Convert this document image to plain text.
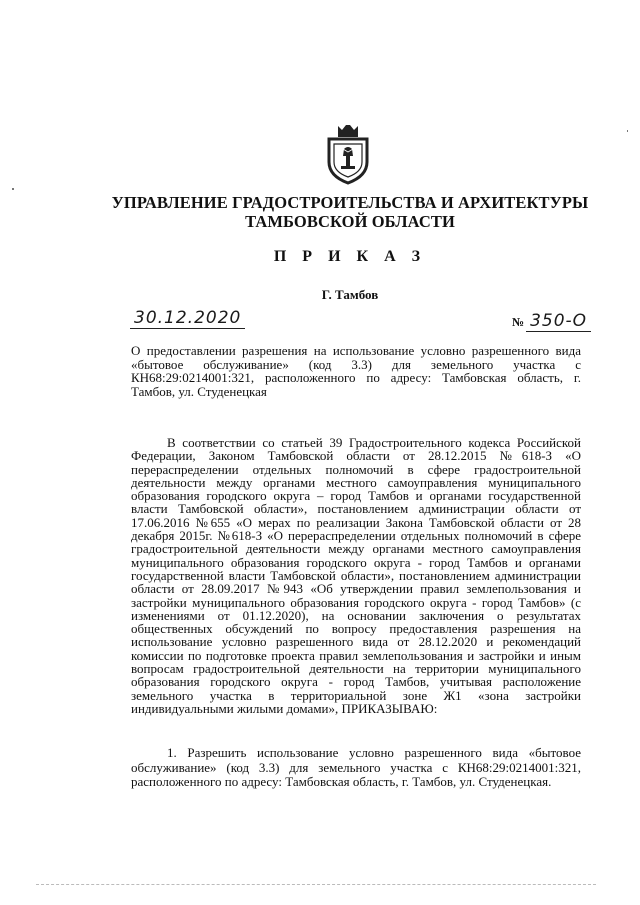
УПРАВЛЕНИЕ ГРАДОСТРОИТЕЛЬСТВА И АРХИТЕКТУРЫ
ТАМБОВСКОЙ ОБЛАСТИ
П Р И К А З
Г. Тамбов
30.12.2020	№ 350-О
О предоставлении разрешения на использование условно разрешенного вида «бытовое обслуживание» (код 3.3) для земельного участка с КН68:29:0214001:321, расположенного по адресу: Тамбовская область, г. Тамбов, ул. Студенецкая

В соответствии со статьей 39 Градостроительного кодекса Российской Федерации, Законом Тамбовской области от 28.12.2015 №618-З «О перераспределении отдельных полномочий в сфере градостроительной деятельности между органами местного самоуправления муниципального образования городского округа – город Тамбов и органами государственной власти Тамбовской области», постановлением администрации области от 17.06.2016 №655 «О мерах по реализации Закона Тамбовской области от 28 декабря 2015г. №618-З «О перераспределении отдельных полномочий в сфере градостроительной деятельности между органами местного самоуправления муниципального образования городского округа - город Тамбов и органами государственной власти Тамбовской области», постановлением администрации области от 28.09.2017 №943 «Об утверждении правил землепользования и застройки муниципального образования городского округа - город Тамбов» (с изменениями от 01.12.2020), на основании заключения о результатах общественных обсуждений по вопросу предоставления разрешения на использование условно разрешенного вида от 28.12.2020 и рекомендаций комиссии по подготовке проекта правил землепользования и застройки и иным вопросам градостроительной деятельности на территории муниципального образования городского округа - город Тамбов, учитывая расположение земельного участка в территориальной зоне Ж1 «зона застройки индивидуальными жилыми домами», ПРИКАЗЫВАЮ:

1. Разрешить использование условно разрешенного вида «бытовое обслуживание» (код 3.3) для земельного участка с КН68:29:0214001:321, расположенного по адресу: Тамбовская область, г. Тамбов, ул. Студенецкая.
